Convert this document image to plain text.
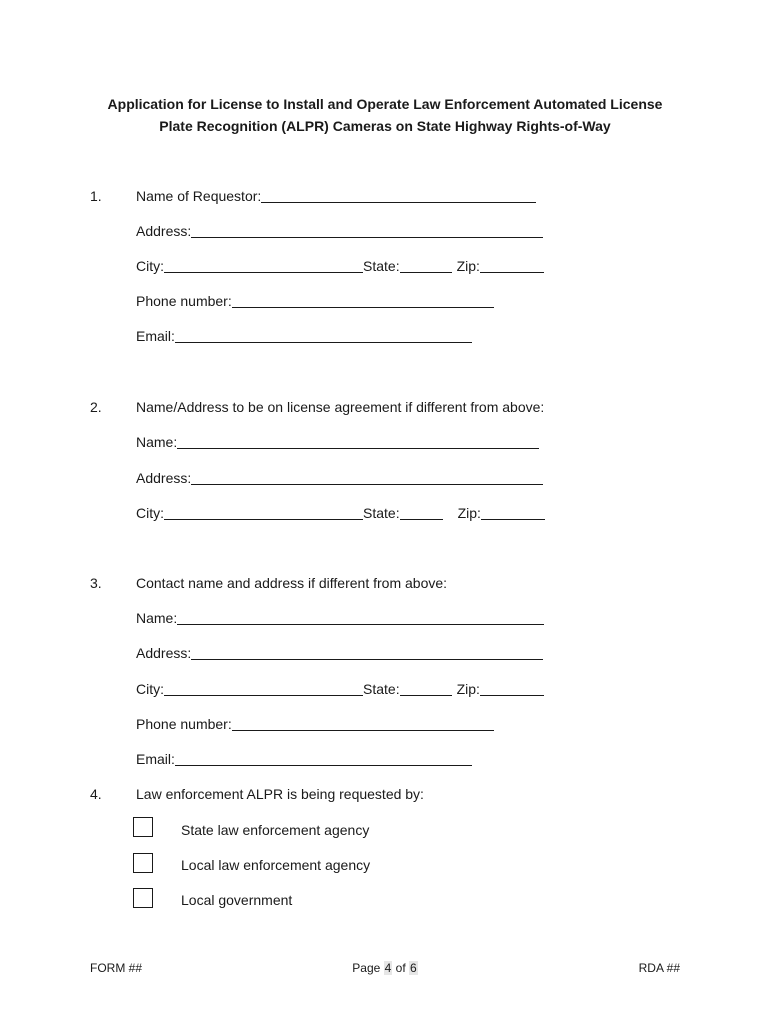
Application for License to Install and Operate Law Enforcement Automated License
Plate Recognition (ALPR) Cameras on State Highway Rights-of-Way
1. Name of Requestor:
Address:
City:	State:	Zip:
Phone number:
Email:
2. Name/Address to be on license agreement if different from above:
Name:
Address:
City:	State:	Zip:
3. Contact name and address if different from above:
Name:
Address:
City:	State:	Zip:
Phone number:
Email:
4. Law enforcement ALPR is being requested by:
State law enforcement agency
Local law enforcement agency
Local government
FORM ##	Page 4 of 6	RDA ##
